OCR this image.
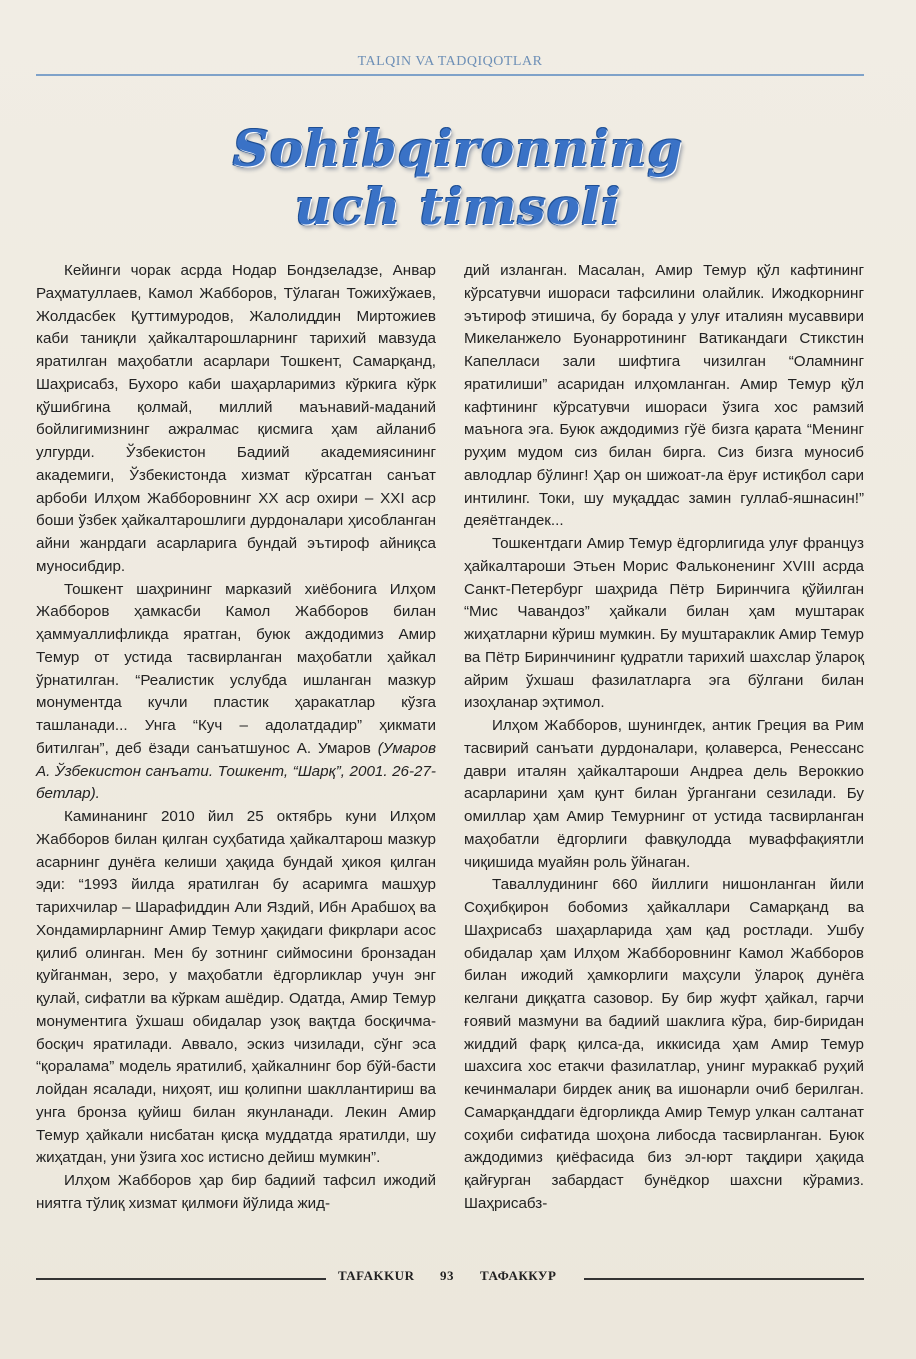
TALQIN VA TADQIQOTLAR
Sohibqironning
uch timsoli

Кейинги чорак асрда Нодар Бондзеладзе, Анвар Раҳматуллаев, Камол Жабборов, Тўлаган Тожихўжаев, Жолдасбек Қуттимуродов, Жалолиддин Миртожиев каби таниқли ҳайкалтарошларнинг тарихий мавзуда яратилган маҳобатли асарлари Тошкент, Самарқанд, Шаҳрисабз, Бухоро каби шаҳарларимиз кўркига кўрк қўшибгина қолмай, миллий маънавий-маданий бойлигимизнинг ажралмас қисмига ҳам айланиб улгурди. Ўзбекистон Бадиий академиясининг академиги, Ўзбекистонда хизмат кўрсатган санъат арбоби Илҳом Жабборовнинг XX аср охири – XXI аср боши ўзбек ҳайкалтарошлиги дурдоналари ҳисобланган айни жанрдаги асарларига бундай эътироф айниқса муносибдир.

Тошкент шаҳрининг марказий хиёбонига Илҳом Жабборов ҳамкасби Камол Жабборов билан ҳаммуаллифликда яратган, буюк аждодимиз Амир Темур от устида тасвирланган маҳобатли ҳайкал ўрнатилган. “Реалистик услубда ишланган мазкур монументда кучли пластик ҳаракатлар кўзга ташланади... Унга “Куч – адолатдадир” ҳикмати битилган”, деб ёзади санъатшунос А. Умаров (Умаров А. Ўзбекистон санъати. Тошкент, “Шарқ”, 2001. 26-27-бетлар).

Каминанинг 2010 йил 25 октябрь куни Илҳом Жабборов билан қилган суҳбатида ҳайкалтарош мазкур асарнинг дунёга келиши ҳақида бундай ҳикоя қилган эди: “1993 йилда яратилган бу асаримга машҳур тарихчилар – Шарафиддин Али Яздий, Ибн Арабшоҳ ва Хондамирларнинг Амир Темур ҳақидаги фикрлари асос қилиб олинган. Мен бу зотнинг сиймосини бронзадан қуйганман, зеро, у маҳобатли ёдгорликлар учун энг қулай, сифатли ва кўркам ашёдир. Одатда, Амир Темур монументига ўхшаш обидалар узоқ вақтда босқичма-босқич яратилади. Аввало, эскиз чизилади, сўнг эса “қоралама” модель яратилиб, ҳайкалнинг бор бўй-басти лойдан ясалади, ниҳоят, иш қолипни шакллантириш ва унга бронза қуйиш билан якунланади. Лекин Амир Темур ҳайкали нисбатан қисқа муддатда яратилди, шу жиҳатдан, уни ўзига хос истисно дейиш мумкин”.

Илҳом Жабборов ҳар бир бадиий тафсил ижодий ниятга тўлиқ хизмат қилмоғи йўлида жид-

дий изланган. Масалан, Амир Темур қўл кафтининг кўрсатувчи ишораси тафсилини олайлик. Ижодкорнинг эътироф этишича, бу борада у улуғ италиян мусаввири Микеланжело Буонарротининг Ватикандаги Стикстин Капелласи зали шифтига чизилган “Оламнинг яратилиши” асаридан илҳомланган. Амир Темур қўл кафтининг кўрсатувчи ишораси ўзига хос рамзий маънога эга. Буюк аждодимиз гўё бизга қарата “Менинг руҳим мудом сиз билан бирга. Сиз бизга муносиб авлодлар бўлинг! Ҳар он шижоат-ла ёруғ истиқбол сари интилинг. Токи, шу муқаддас замин гуллаб-яшнасин!” деяётгандек...

Тошкентдаги Амир Темур ёдгорлигида улуғ француз ҳайкалтароши Этьен Морис Фальконенинг XVIII асрда Санкт-Петербург шаҳрида Пётр Биринчига қўйилган “Мис Чавандоз” ҳайкали билан ҳам муштарак жиҳатларни кўриш мумкин. Бу муштараклик Амир Темур ва Пётр Биринчининг қудратли тарихий шахслар ўлароқ айрим ўхшаш фазилатларга эга бўлгани билан изоҳланар эҳтимол.

Илҳом Жабборов, шунингдек, антик Греция ва Рим тасвирий санъати дурдоналари, қолаверса, Ренессанс даври италян ҳайкалтароши Андреа дель Вероккио асарларини ҳам қунт билан ўргангани сезилади. Бу омиллар ҳам Амир Темурнинг от устида тасвирланган маҳобатли ёдгорлиги фавқулодда муваффақиятли чиқишида муайян роль ўйнаган.

Таваллудининг 660 йиллиги нишонланган йили Соҳибқирон бобомиз ҳайкаллари Самарқанд ва Шаҳрисабз шаҳарларида ҳам қад ростлади. Ушбу обидалар ҳам Илҳом Жабборовнинг Камол Жабборов билан ижодий ҳамкорлиги маҳсули ўлароқ дунёга келгани диққатга сазовор. Бу бир жуфт ҳайкал, гарчи ғоявий мазмуни ва бадиий шаклига кўра, бир-биридан жиддий фарқ қилса-да, иккисида ҳам Амир Темур шахсига хос етакчи фазилатлар, унинг мураккаб руҳий кечинмалари бирдек аниқ ва ишонарли очиб берилган. Самарқанддаги ёдгорликда Амир Темур улкан салтанат соҳиби сифатида шоҳона либосда тасвирланган. Буюк аждодимиз қиёфасида биз эл-юрт тақдири ҳақида қайғурган забардаст бунёдкор шахсни кўрамиз. Шаҳрисабз-

TAFAKKUR 93 ТАФАККУР
